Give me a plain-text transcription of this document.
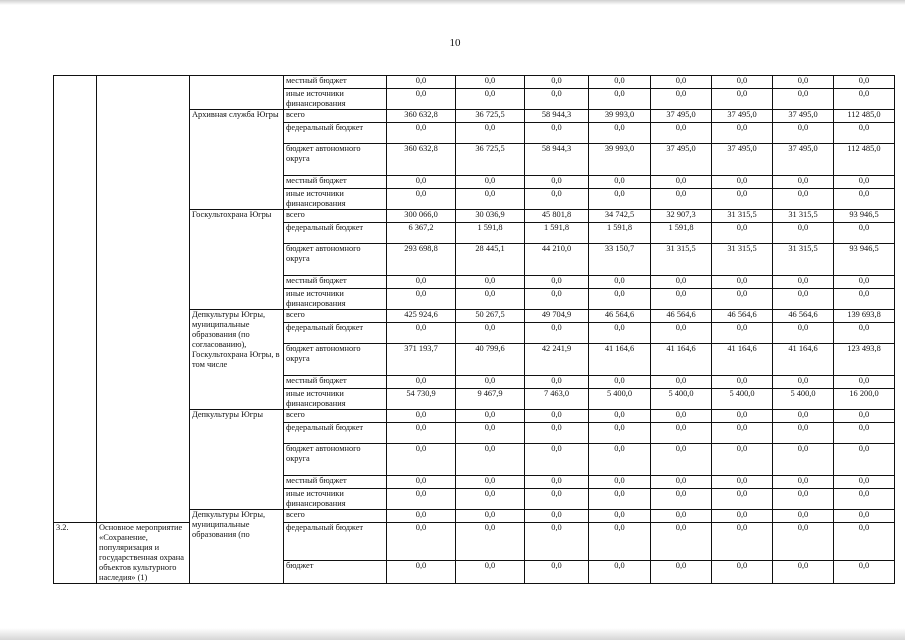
10
			местный бюджет	0,0	0,0	0,0	0,0	0,0	0,0	0,0	0,0
			иные источники финансирования	0,0	0,0	0,0	0,0	0,0	0,0	0,0	0,0
		Архивная служба Югры	всего	360 632,8	36 725,5	58 944,3	39 993,0	37 495,0	37 495,0	37 495,0	112 485,0
			федеральный бюджет	0,0	0,0	0,0	0,0	0,0	0,0	0,0	0,0
			бюджет автономного округа	360 632,8	36 725,5	58 944,3	39 993,0	37 495,0	37 495,0	37 495,0	112 485,0
			местный бюджет	0,0	0,0	0,0	0,0	0,0	0,0	0,0	0,0
			иные источники финансирования	0,0	0,0	0,0	0,0	0,0	0,0	0,0	0,0
		Госкультохрана Югры	всего	300 066,0	30 036,9	45 801,8	34 742,5	32 907,3	31 315,5	31 315,5	93 946,5
			федеральный бюджет	6 367,2	1 591,8	1 591,8	1 591,8	1 591,8	0,0	0,0	0,0
			бюджет автономного округа	293 698,8	28 445,1	44 210,0	33 150,7	31 315,5	31 315,5	31 315,5	93 946,5
			местный бюджет	0,0	0,0	0,0	0,0	0,0	0,0	0,0	0,0
			иные источники финансирования	0,0	0,0	0,0	0,0	0,0	0,0	0,0	0,0
		Депкультуры Югры, муниципальные образования (по согласованию), Госкультохрана Югры, в том числе	всего	425 924,6	50 267,5	49 704,9	46 564,6	46 564,6	46 564,6	46 564,6	139 693,8
			федеральный бюджет	0,0	0,0	0,0	0,0	0,0	0,0	0,0	0,0
			бюджет автономного округа	371 193,7	40 799,6	42 241,9	41 164,6	41 164,6	41 164,6	41 164,6	123 493,8
			местный бюджет	0,0	0,0	0,0	0,0	0,0	0,0	0,0	0,0
			иные источники финансирования	54 730,9	9 467,9	7 463,0	5 400,0	5 400,0	5 400,0	5 400,0	16 200,0
		Депкультуры Югры	всего	0,0	0,0	0,0	0,0	0,0	0,0	0,0	0,0
			федеральный бюджет	0,0	0,0	0,0	0,0	0,0	0,0	0,0	0,0
			бюджет автономного округа	0,0	0,0	0,0	0,0	0,0	0,0	0,0	0,0
			местный бюджет	0,0	0,0	0,0	0,0	0,0	0,0	0,0	0,0
			иные источники финансирования	0,0	0,0	0,0	0,0	0,0	0,0	0,0	0,0
		Депкультуры Югры, муниципальные образования (по	всего	0,0	0,0	0,0	0,0	0,0	0,0	0,0	0,0
3.2.	Основное мероприятие «Сохранение, популяризация и государственная охрана объектов культурного наследия» (1)		федеральный бюджет	0,0	0,0	0,0	0,0	0,0	0,0	0,0	0,0
			бюджет	0,0	0,0	0,0	0,0	0,0	0,0	0,0	0,0
